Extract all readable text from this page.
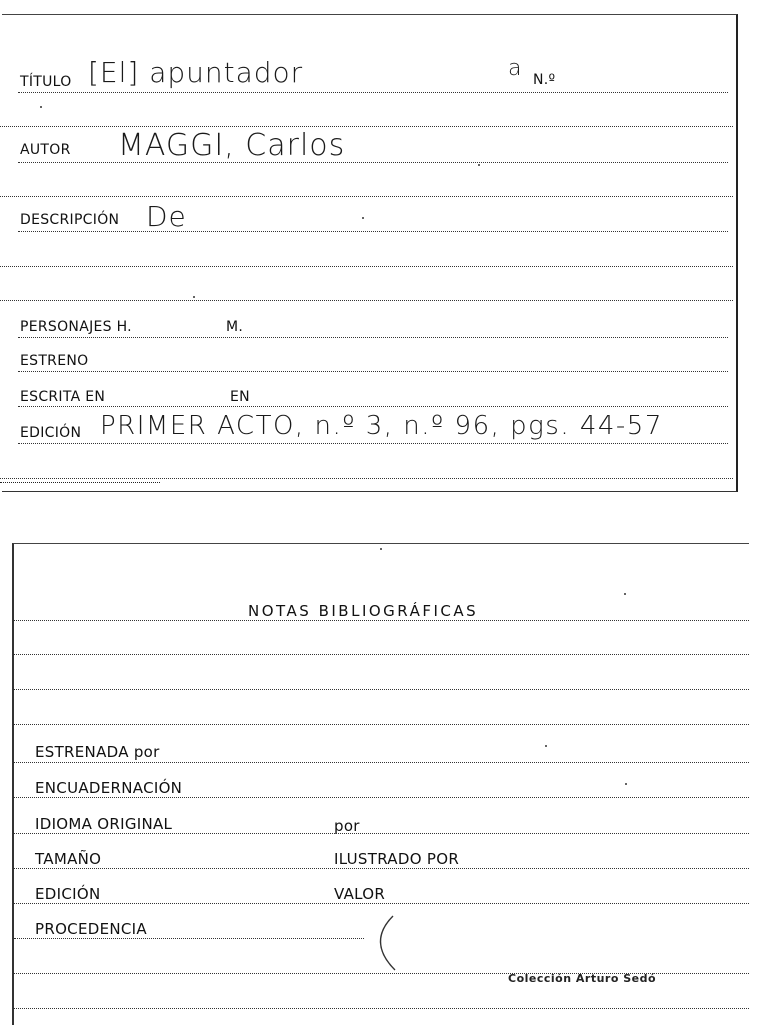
TÍTULO [El] apuntador	a N.º
AUTOR MAGGI, Carlos
DESCRIPCIÓN De
PERSONAJES H.	M.
ESTRENO
ESCRITA EN	EN
EDICIÓN PRIMER ACTO, n.º 3, n.º 96, pgs. 44-57
NOTAS BIBLIOGRÁFICAS
ESTRENADA por
ENCUADERNACIÓN
IDIOMA ORIGINAL	por
TAMAÑO	ILUSTRADO POR
EDICIÓN	VALOR
PROCEDENCIA
Colección Arturo Sedó
